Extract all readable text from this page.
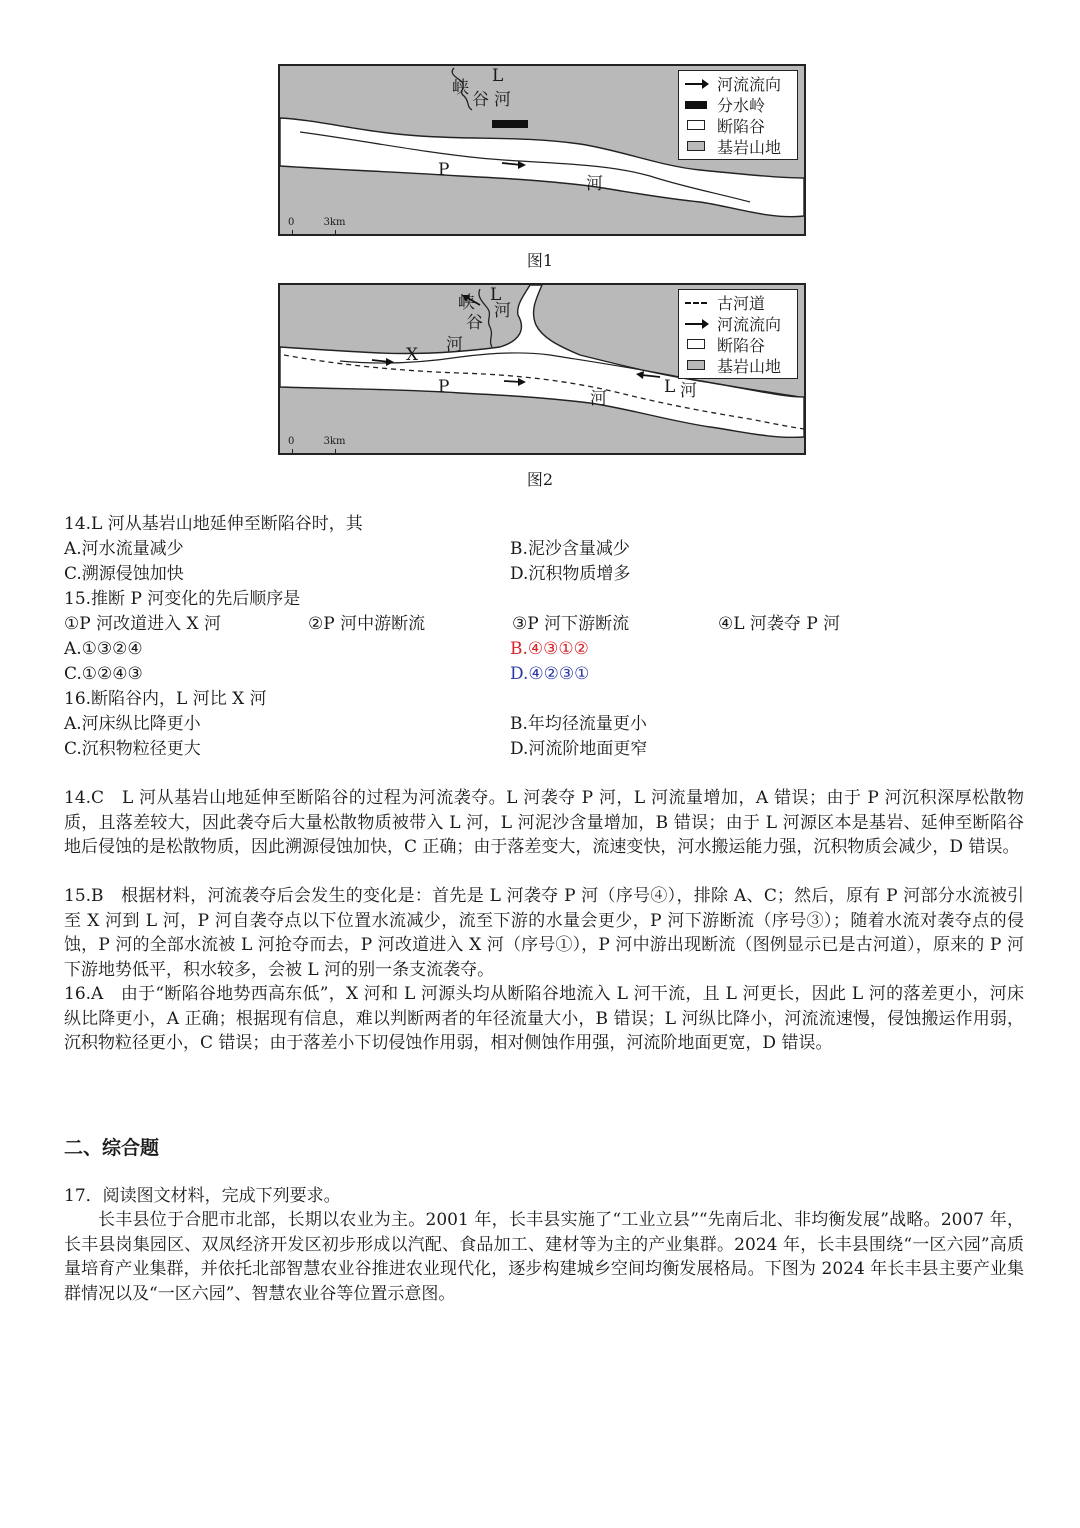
L
峡
谷 河
P
河
0	3km
河流流向
分水岭
断陷谷
基岩山地
图1
峡
谷
L
河
X 河
P
河
L 河
0	3km
古河道
河流流向
断陷谷
基岩山地
图2
14.L 河从基岩山地延伸至断陷谷时，其
A.河水流量减少	B.泥沙含量减少
C.溯源侵蚀加快	D.沉积物质增多
15.推断 P 河变化的先后顺序是
①P 河改道进入 X 河	②P 河中游断流	③P 河下游断流	④L 河袭夺 P 河
A.①③②④	B.④③①②
C.①②④③	D.④②③①
16.断陷谷内，L 河比 X 河
A.河床纵比降更小	B.年均径流量更小
C.沉积物粒径更大	D.河流阶地面更窄
14.C　L 河从基岩山地延伸至断陷谷的过程为河流袭夺。L 河袭夺 P 河，L 河流量增加，A 错误；由于 P 河沉积深厚松散物质，且落差较大，因此袭夺后大量松散物质被带入 L 河，L 河泥沙含量增加，B 错误；由于 L 河源区本是基岩、延伸至断陷谷地后侵蚀的是松散物质，因此溯源侵蚀加快，C 正确；由于落差变大，流速变快，河水搬运能力强，沉积物质会减少，D 错误。
15.B　根据材料，河流袭夺后会发生的变化是：首先是 L 河袭夺 P 河（序号④），排除 A、C；然后，原有 P 河部分水流被引至 X 河到 L 河，P 河自袭夺点以下位置水流减少，流至下游的水量会更少，P 河下游断流（序号③）；随着水流对袭夺点的侵蚀，P 河的全部水流被 L 河抢夺而去，P 河改道进入 X 河（序号①），P 河中游出现断流（图例显示已是古河道），原来的 P 河下游地势低平，积水较多，会被 L 河的别一条支流袭夺。
16.A　由于“断陷谷地势西高东低”，X 河和 L 河源头均从断陷谷地流入 L 河干流，且 L 河更长，因此 L 河的落差更小，河床纵比降更小，A 正确；根据现有信息，难以判断两者的年径流量大小，B 错误；L 河纵比降小，河流流速慢，侵蚀搬运作用弱，沉积物粒径更小，C 错误；由于落差小下切侵蚀作用弱，相对侧蚀作用强，河流阶地面更宽，D 错误。
二、综合题
17．阅读图文材料，完成下列要求。
长丰县位于合肥市北部，长期以农业为主。2001 年，长丰县实施了“工业立县”“先南后北、非均衡发展”战略。2007 年，长丰县岗集园区、双凤经济开发区初步形成以汽配、食品加工、建材等为主的产业集群。2024 年，长丰县围绕“一区六园”高质量培育产业集群，并依托北部智慧农业谷推进农业现代化，逐步构建城乡空间均衡发展格局。下图为 2024 年长丰县主要产业集群情况以及“一区六园”、智慧农业谷等位置示意图。
